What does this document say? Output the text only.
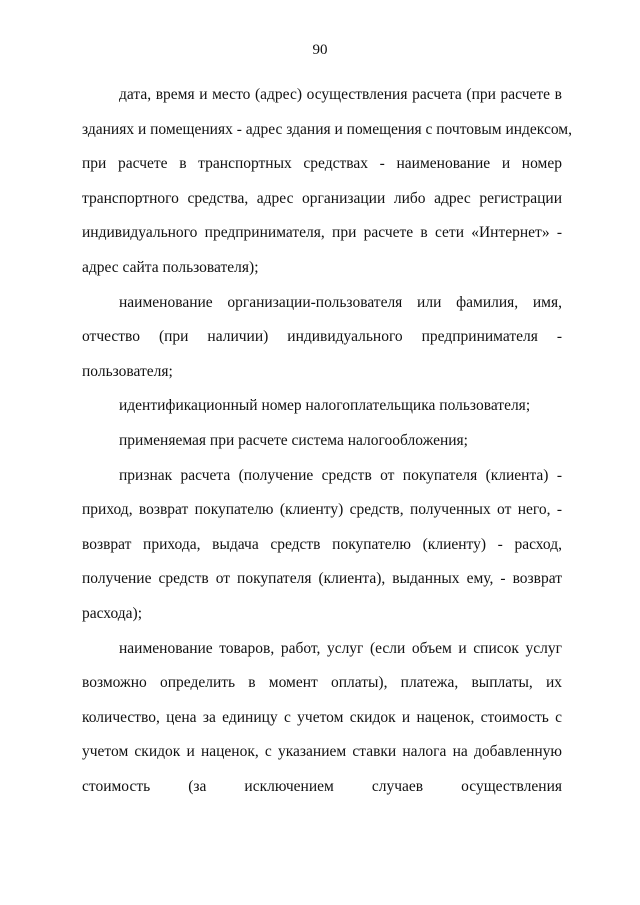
90
дата, время и место (адрес) осуществления расчета (при расчете в
зданиях и помещениях - адрес здания и помещения с почтовым индексом,
при расчете в транспортных средствах - наименование и номер
транспортного средства, адрес организации либо адрес регистрации
индивидуального предпринимателя, при расчете в сети «Интернет» -
адрес сайта пользователя);
наименование организации-пользователя или фамилия, имя,
отчество (при наличии) индивидуального предпринимателя -
пользователя;
идентификационный номер налогоплательщика пользователя;
применяемая при расчете система налогообложения;
признак расчета (получение средств от покупателя (клиента) -
приход, возврат покупателю (клиенту) средств, полученных от него, -
возврат прихода, выдача средств покупателю (клиенту) - расход,
получение средств от покупателя (клиента), выданных ему, - возврат
расхода);
наименование товаров, работ, услуг (если объем и список услуг
возможно определить в момент оплаты), платежа, выплаты, их
количество, цена за единицу с учетом скидок и наценок, стоимость с
учетом скидок и наценок, с указанием ставки налога на добавленную
стоимость (за исключением случаев осуществления
